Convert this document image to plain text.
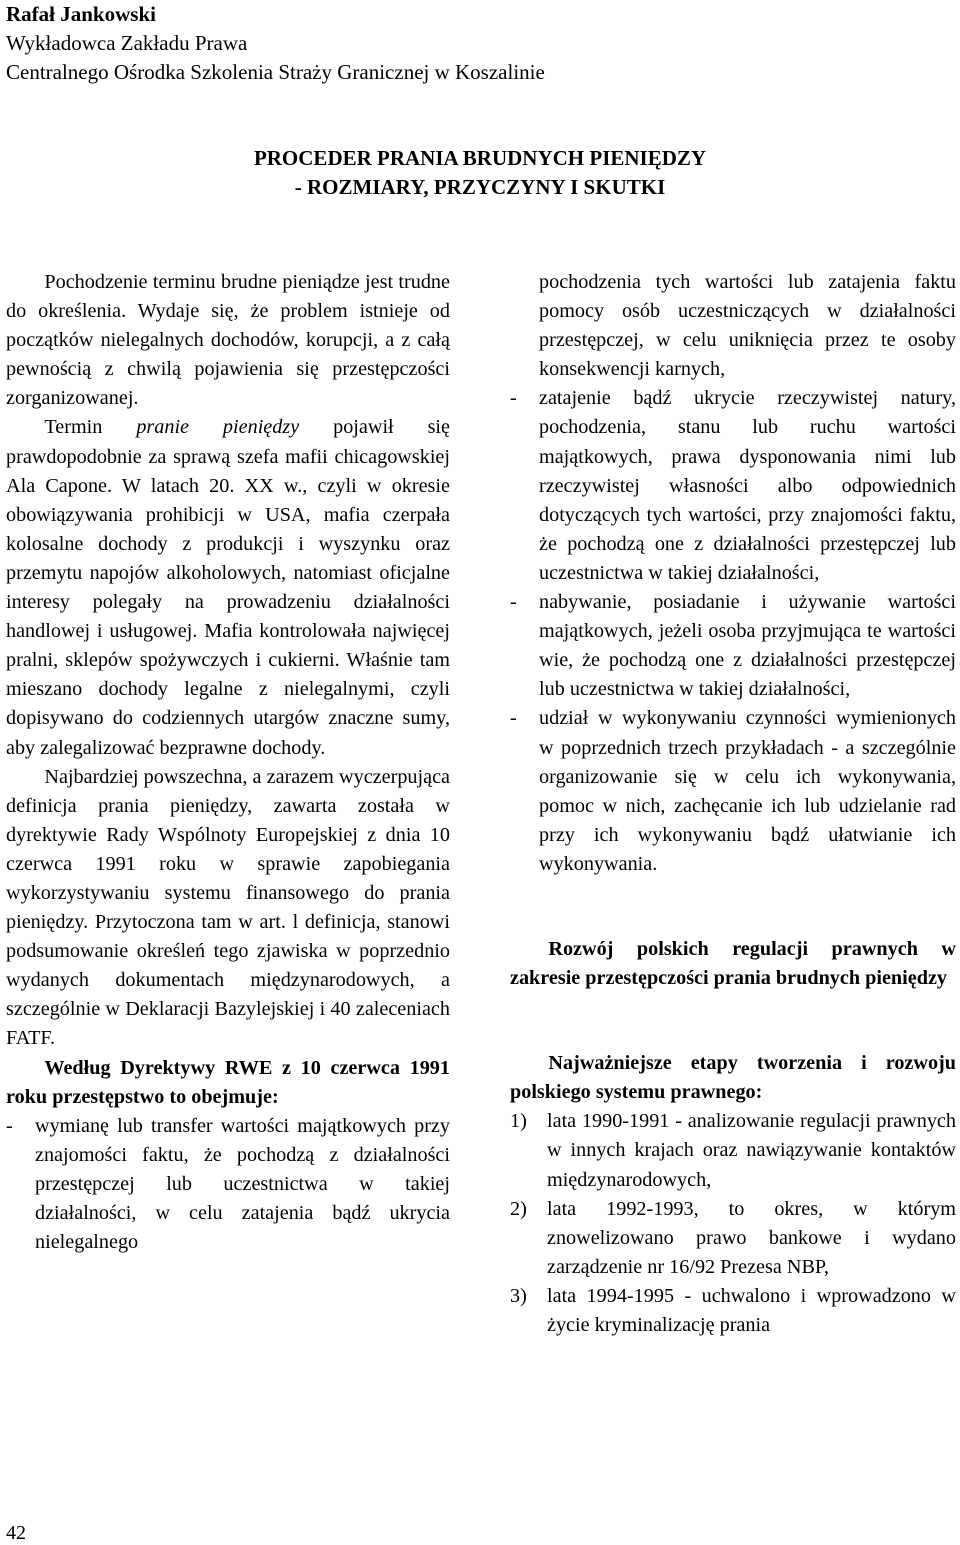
Rafał Jankowski
Wykładowca Zakładu Prawa
Centralnego Ośrodka Szkolenia Straży Granicznej w Koszalinie
PROCEDER PRANIA BRUDNYCH PIENIĘDZY
- ROZMIARY, PRZYCZYNY I SKUTKI

Pochodzenie terminu brudne pieniądze jest trudne do określenia. Wydaje się, że problem istnieje od początków nielegalnych dochodów, korupcji, a z całą pewnością z chwilą pojawienia się przestępczości zorganizowanej.

Termin pranie pieniędzy pojawił się prawdopodobnie za sprawą szefa mafii chicagowskiej Ala Capone. W latach 20. XX w., czyli w okresie obowiązywania prohibicji w USA, mafia czerpała kolosalne dochody z produkcji i wyszynku oraz przemytu napojów alkoholowych, natomiast oficjalne interesy polegały na prowadzeniu działalności handlowej i usługowej. Mafia kontrolowała najwięcej pralni, sklepów spożywczych i cukierni. Właśnie tam mieszano dochody legalne z nielegalnymi, czyli dopisywano do codziennych utargów znaczne sumy, aby zalegalizować bezprawne dochody.

Najbardziej powszechna, a zarazem wyczerpująca definicja prania pieniędzy, zawarta została w dyrektywie Rady Wspólnoty Europejskiej z dnia 10 czerwca 1991 roku w sprawie zapobiegania wykorzystywaniu systemu finansowego do prania pieniędzy. Przytoczona tam w art. l definicja, stanowi podsumowanie określeń tego zjawiska w poprzednio wydanych dokumentach międzynarodowych, a szczególnie w Deklaracji Bazylejskiej i 40 zaleceniach FATF.

Według Dyrektywy RWE z 10 czerwca 1991 roku przestępstwo to obejmuje:

-	wymianę lub transfer wartości majątkowych przy znajomości faktu, że pochodzą z działalności przestępczej lub uczestnictwa w takiej działalności, w celu zatajenia bądź ukrycia nielegalnego
pochodzenia tych wartości lub zatajenia faktu pomocy osób uczestniczących w działalności przestępczej, w celu uniknięcia przez te osoby konsekwencji karnych,
-	zatajenie bądź ukrycie rzeczywistej natury, pochodzenia, stanu lub ruchu wartości majątkowych, prawa dysponowania nimi lub rzeczywistej własności albo odpowiednich dotyczących tych wartości, przy znajomości faktu, że pochodzą one z działalności przestępczej lub uczestnictwa w takiej działalności,
-	nabywanie, posiadanie i używanie wartości majątkowych, jeżeli osoba przyjmująca te wartości wie, że pochodzą one z działalności przestępczej lub uczestnictwa w takiej działalności,
-	udział w wykonywaniu czynności wymienionych w poprzednich trzech przykładach - a szczególnie organizowanie się w celu ich wykonywania, pomoc w nich, zachęcanie ich lub udzielanie rad przy ich wykonywaniu bądź ułatwianie ich wykonywania.

Rozwój polskich regulacji prawnych w zakresie przestępczości prania brudnych pieniędzy

Najważniejsze etapy tworzenia i rozwoju polskiego systemu prawnego:

1) lata 1990-1991 - analizowanie regulacji prawnych w innych krajach oraz nawiązywanie kontaktów międzynarodowych,
2) lata 1992-1993, to okres, w którym znowelizowano prawo bankowe i wydano zarządzenie nr 16/92 Prezesa NBP,
3) lata 1994-1995 - uchwalono i wprowadzono w życie kryminalizację prania
42
